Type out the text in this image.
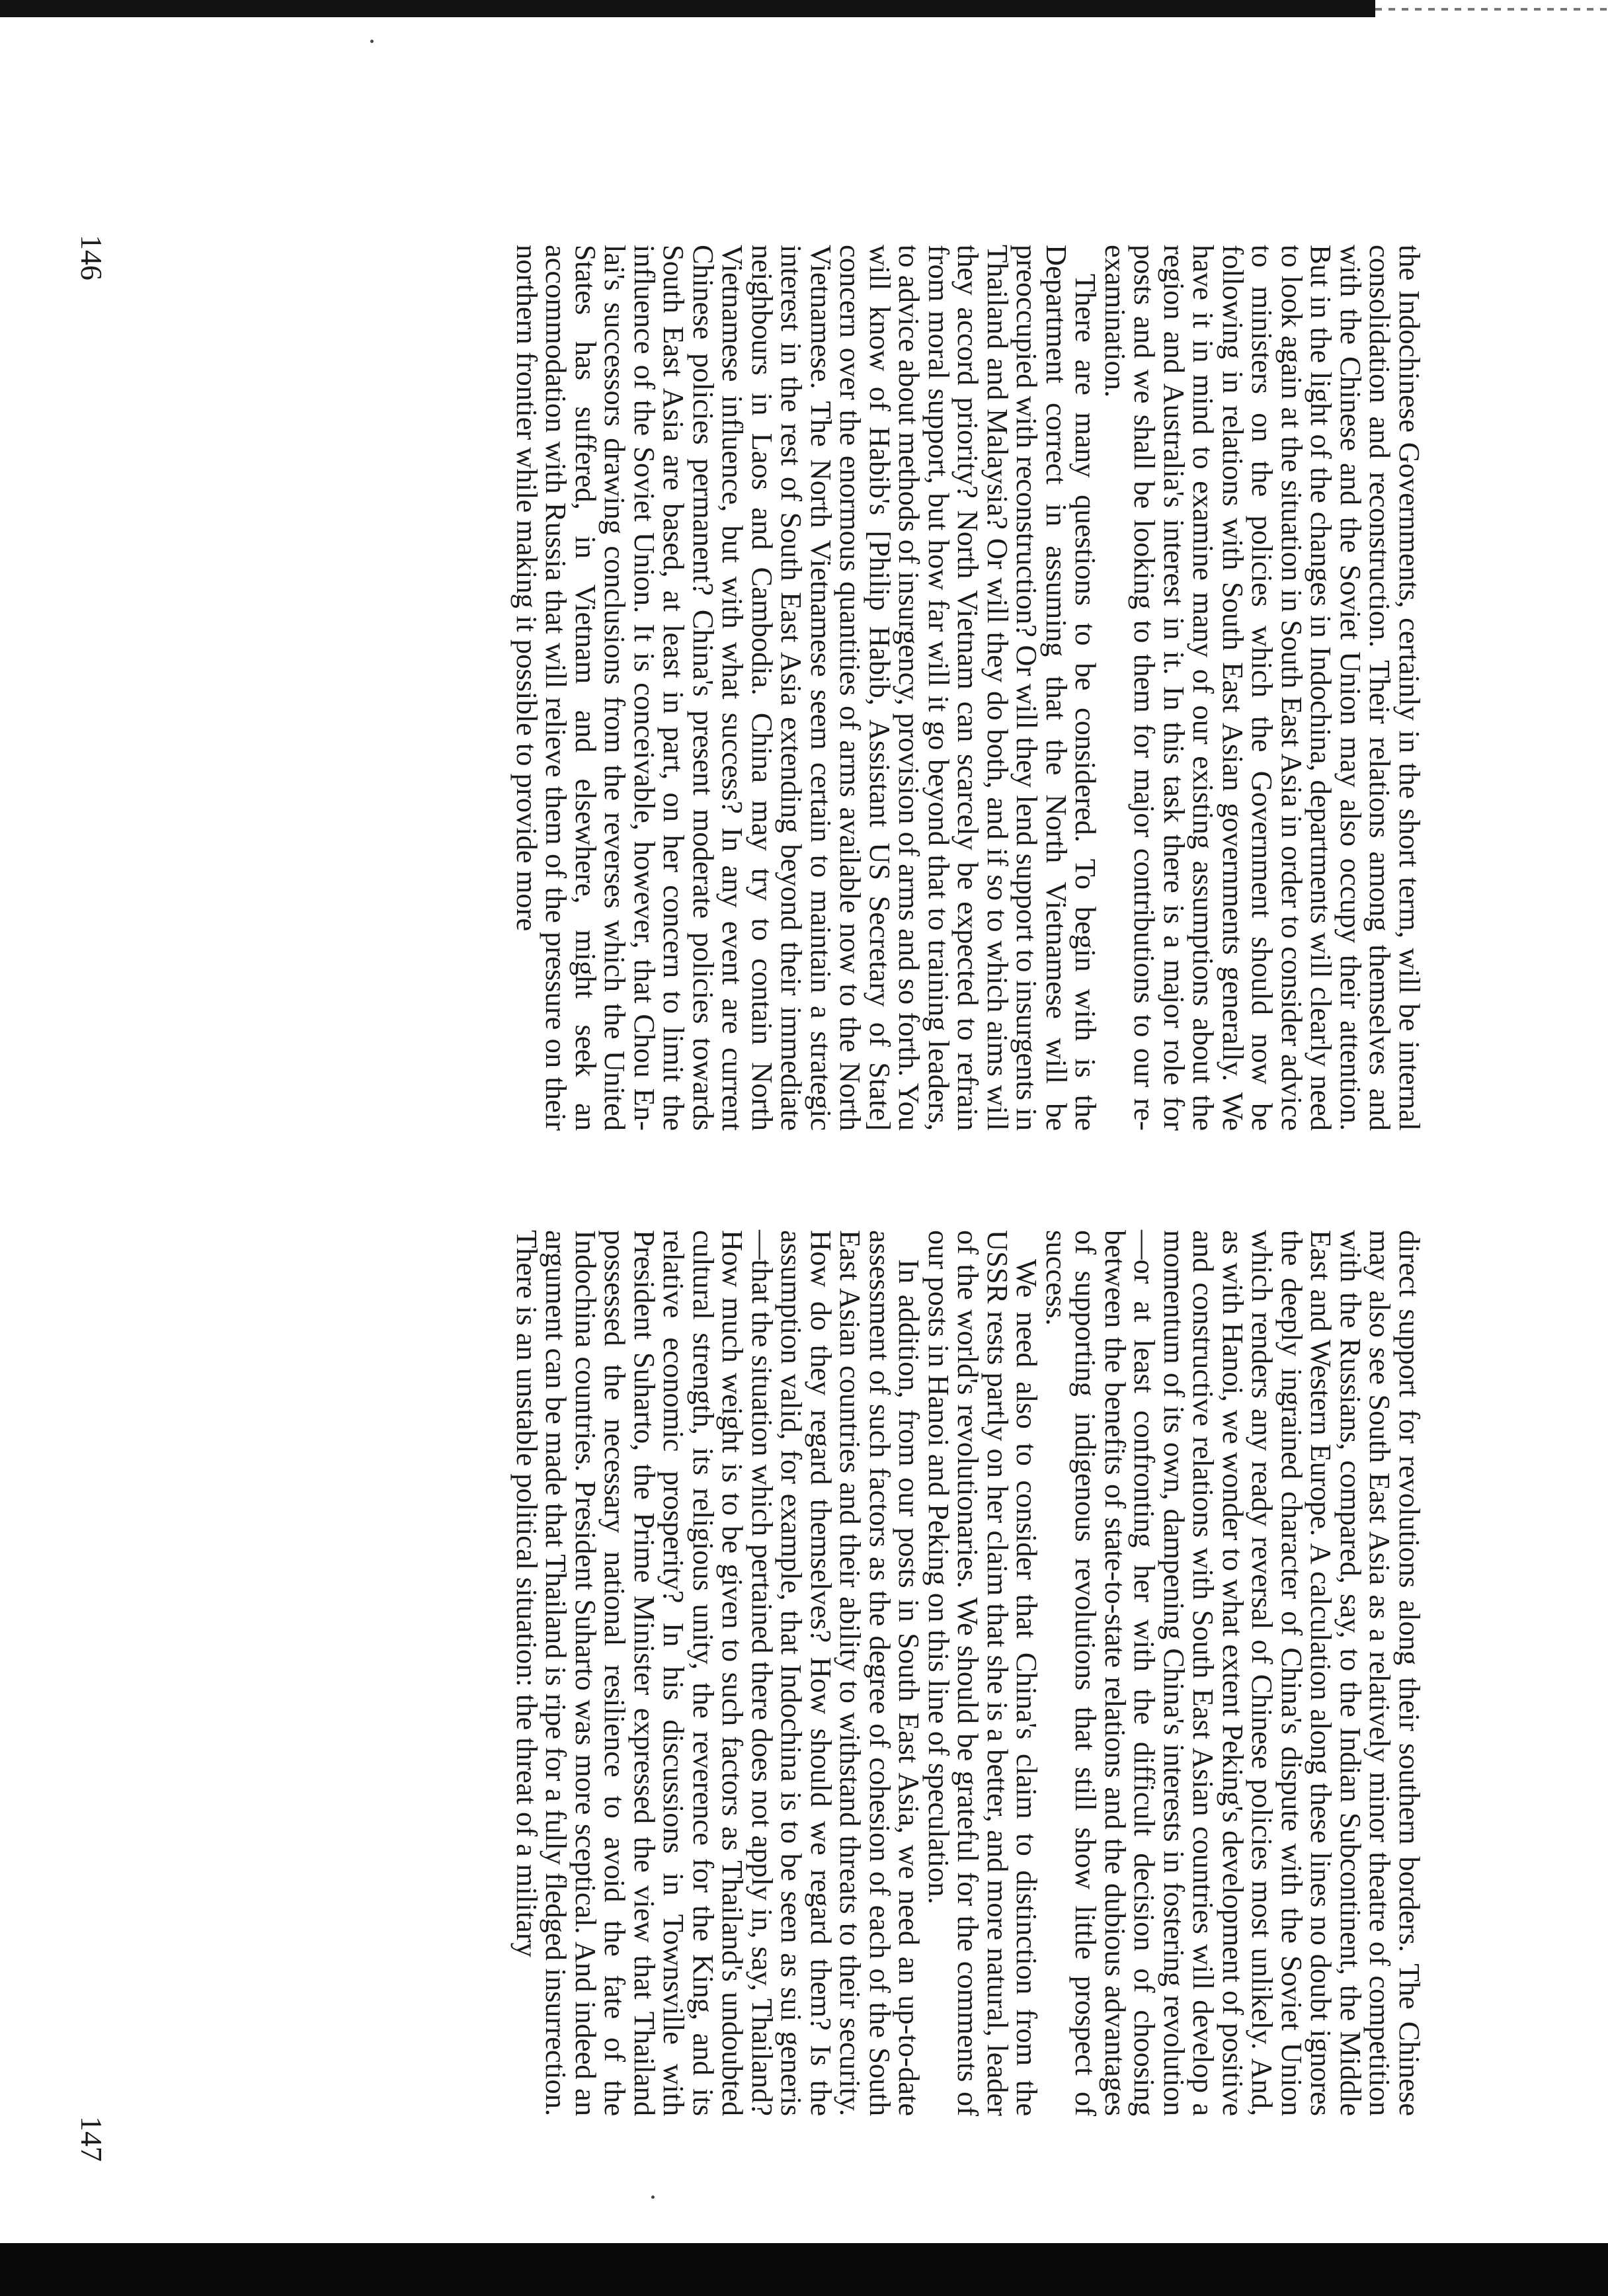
the Indochinese Governments, certainly in the short term, will be internal consolidation and reconstruction. Their relations among themselves and with the Chinese and the Soviet Union may also occupy their attention. But in the light of the changes in Indochina, departments will clearly need to look again at the situation in South East Asia in order to consider advice to ministers on the policies which the Government should now be following in relations with South East Asian governments generally. We have it in mind to examine many of our existing assumptions about the region and Australia's interest in it. In this task there is a major role for posts and we shall be looking to them for major contributions to our re-examination.

There are many questions to be considered. To begin with is the Department correct in assuming that the North Vietnamese will be preoccupied with reconstruction? Or will they lend support to insurgents in Thailand and Malaysia? Or will they do both, and if so to which aims will they accord priority? North Vietnam can scarcely be expected to refrain from moral support, but how far will it go beyond that to training leaders, to advice about methods of insurgency, provision of arms and so forth. You will know of Habib's [Philip Habib, Assistant US Secretary of State] concern over the enormous quantities of arms available now to the North Vietnamese. The North Vietnamese seem certain to maintain a strategic interest in the rest of South East Asia extending beyond their immediate neighbours in Laos and Cambodia. China may try to contain North Vietnamese influence, but with what success? In any event are current Chinese policies permanent? China's present moderate policies towards South East Asia are based, at least in part, on her concern to limit the influence of the Soviet Union. It is conceivable, however, that Chou En-lai's successors drawing conclusions from the reverses which the United States has suffered, in Vietnam and elsewhere, might seek an accommodation with Russia that will relieve them of the pressure on their northern frontier while making it possible to provide more

direct support for revolutions along their southern borders. The Chinese may also see South East Asia as a relatively minor theatre of competition with the Russians, compared, say, to the Indian Subcontinent, the Middle East and Western Europe. A calculation along these lines no doubt ignores the deeply ingrained character of China's dispute with the Soviet Union which renders any ready reversal of Chinese policies most unlikely. And, as with Hanoi, we wonder to what extent Peking's development of positive and constructive relations with South East Asian countries will develop a momentum of its own, dampening China's interests in fostering revolution—or at least confronting her with the difficult decision of choosing between the benefits of state-to-state relations and the dubious advantages of supporting indigenous revolutions that still show little prospect of success.

We need also to consider that China's claim to distinction from the USSR rests partly on her claim that she is a better, and more natural, leader of the world's revolutionaries. We should be grateful for the comments of our posts in Hanoi and Peking on this line of speculation.

In addition, from our posts in South East Asia, we need an up-to-date assessment of such factors as the degree of cohesion of each of the South East Asian countries and their ability to withstand threats to their security. How do they regard themselves? How should we regard them? Is the assumption valid, for example, that Indochina is to be seen as sui generis—that the situation which pertained there does not apply in, say, Thailand? How much weight is to be given to such factors as Thailand's undoubted cultural strength, its religious unity, the reverence for the King, and its relative economic prosperity? In his discussions in Townsville with President Suharto, the Prime Minister expressed the view that Thailand possessed the necessary national resilience to avoid the fate of the Indochina countries. President Suharto was more sceptical. And indeed an argument can be made that Thailand is ripe for a fully fledged insurrection. There is an unstable political situation: the threat of a military

146
147
